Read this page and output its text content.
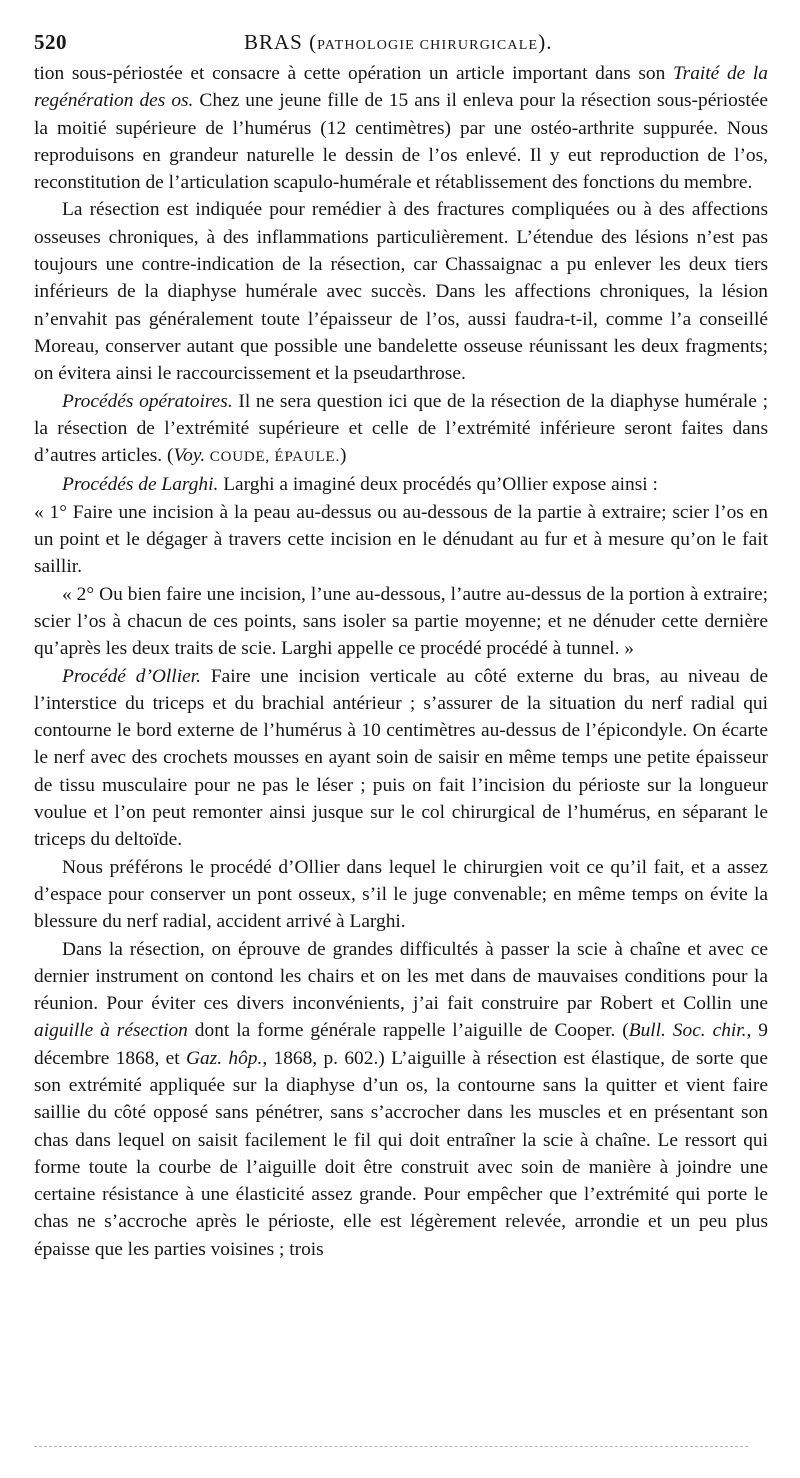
520	BRAS (PATHOLOGIE CHIRURGICALE).

tion sous-périostée et consacre à cette opération un article important dans son Traité de la regénération des os. Chez une jeune fille de 15 ans il enleva pour la résection sous-périostée la moitié supérieure de l’humérus (12 centimètres) par une ostéo-arthrite suppurée. Nous reproduisons en grandeur naturelle le dessin de l’os enlevé. Il y eut reproduction de l’os, reconstitution de l’articulation scapulo-humérale et rétablissement des fonctions du membre.

La résection est indiquée pour remédier à des fractures compliquées ou à des affections osseuses chroniques, à des inflammations particulièrement. L’étendue des lésions n’est pas toujours une contre-indication de la résection, car Chassaignac a pu enlever les deux tiers inférieurs de la diaphyse humérale avec succès. Dans les affections chroniques, la lésion n’envahit pas généralement toute l’épaisseur de l’os, aussi faudra-t-il, comme l’a conseillé Moreau, conserver autant que possible une bandelette osseuse réunissant les deux fragments; on évitera ainsi le raccourcissement et la pseudarthrose.

Procédés opératoires. Il ne sera question ici que de la résection de la diaphyse humérale ; la résection de l’extrémité supérieure et celle de l’extrémité inférieure seront faites dans d’autres articles. (Voy. COUDE, ÉPAULE.)

Procédés de Larghi. Larghi a imaginé deux procédés qu’Ollier expose ainsi :

« 1° Faire une incision à la peau au-dessus ou au-dessous de la partie à extraire; scier l’os en un point et le dégager à travers cette incision en le dénudant au fur et à mesure qu’on le fait saillir.

« 2° Ou bien faire une incision, l’une au-dessous, l’autre au-dessus de la portion à extraire; scier l’os à chacun de ces points, sans isoler sa partie moyenne; et ne dénuder cette dernière qu’après les deux traits de scie. Larghi appelle ce procédé procédé à tunnel. »

Procédé d’Ollier. Faire une incision verticale au côté externe du bras, au niveau de l’interstice du triceps et du brachial antérieur ; s’assurer de la situation du nerf radial qui contourne le bord externe de l’humérus à 10 centimètres au-dessus de l’épicondyle. On écarte le nerf avec des crochets mousses en ayant soin de saisir en même temps une petite épaisseur de tissu musculaire pour ne pas le léser ; puis on fait l’incision du périoste sur la longueur voulue et l’on peut remonter ainsi jusque sur le col chirurgical de l’humérus, en séparant le triceps du deltoïde.

Nous préférons le procédé d’Ollier dans lequel le chirurgien voit ce qu’il fait, et a assez d’espace pour conserver un pont osseux, s’il le juge convenable; en même temps on évite la blessure du nerf radial, accident arrivé à Larghi.

Dans la résection, on éprouve de grandes difficultés à passer la scie à chaîne et avec ce dernier instrument on contond les chairs et on les met dans de mauvaises conditions pour la réunion. Pour éviter ces divers inconvénients, j’ai fait construire par Robert et Collin une aiguille à résection dont la forme générale rappelle l’aiguille de Cooper. (Bull. Soc. chir., 9 décembre 1868, et Gaz. hôp., 1868, p. 602.) L’aiguille à résection est élastique, de sorte que son extrémité appliquée sur la diaphyse d’un os, la contourne sans la quitter et vient faire saillie du côté opposé sans pénétrer, sans s’accrocher dans les muscles et en présentant son chas dans lequel on saisit facilement le fil qui doit entraîner la scie à chaîne. Le ressort qui forme toute la courbe de l’aiguille doit être construit avec soin de manière à joindre une certaine résistance à une élasticité assez grande. Pour empêcher que l’extrémité qui porte le chas ne s’accroche après le périoste, elle est légèrement relevée, arrondie et un peu plus épaisse que les parties voisines ; trois
